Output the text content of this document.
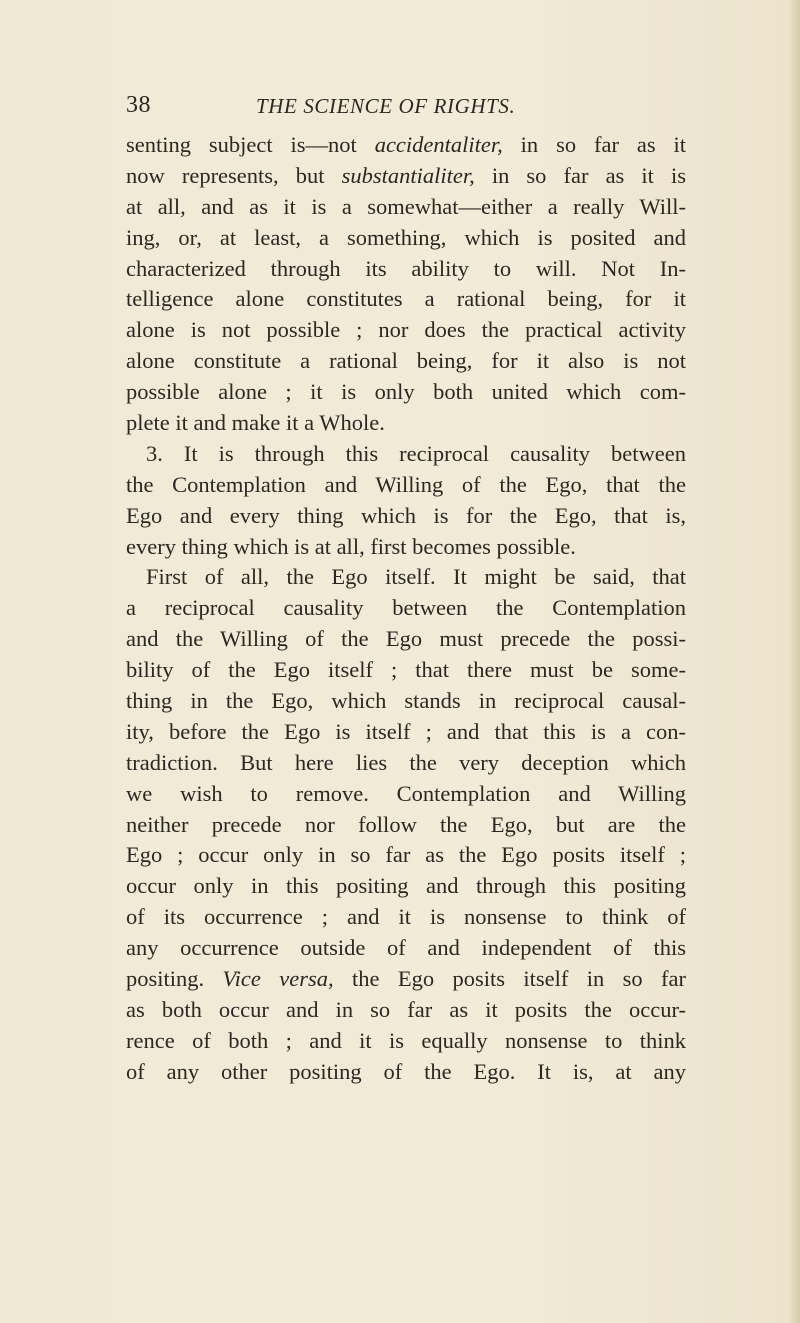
38	THE SCIENCE OF RIGHTS.
senting subject is—not accidentaliter, in so far as it
now represents, but substantialiter, in so far as it is
at all, and as it is a somewhat—either a really Will-
ing, or, at least, a something, which is posited and
characterized through its ability to will. Not In-
telligence alone constitutes a rational being, for it
alone is not possible ; nor does the practical activity
alone constitute a rational being, for it also is not
possible alone ; it is only both united which com-
plete it and make it a Whole.
3. It is through this reciprocal causality between
the Contemplation and Willing of the Ego, that the
Ego and every thing which is for the Ego, that is,
every thing which is at all, first becomes possible.
First of all, the Ego itself. It might be said, that
a reciprocal causality between the Contemplation
and the Willing of the Ego must precede the possi-
bility of the Ego itself ; that there must be some-
thing in the Ego, which stands in reciprocal causal-
ity, before the Ego is itself ; and that this is a con-
tradiction. But here lies the very deception which
we wish to remove. Contemplation and Willing
neither precede nor follow the Ego, but are the
Ego ; occur only in so far as the Ego posits itself ;
occur only in this positing and through this positing
of its occurrence ; and it is nonsense to think of
any occurrence outside of and independent of this
positing. Vice versa, the Ego posits itself in so far
as both occur and in so far as it posits the occur-
rence of both ; and it is equally nonsense to think
of any other positing of the Ego. It is, at any
